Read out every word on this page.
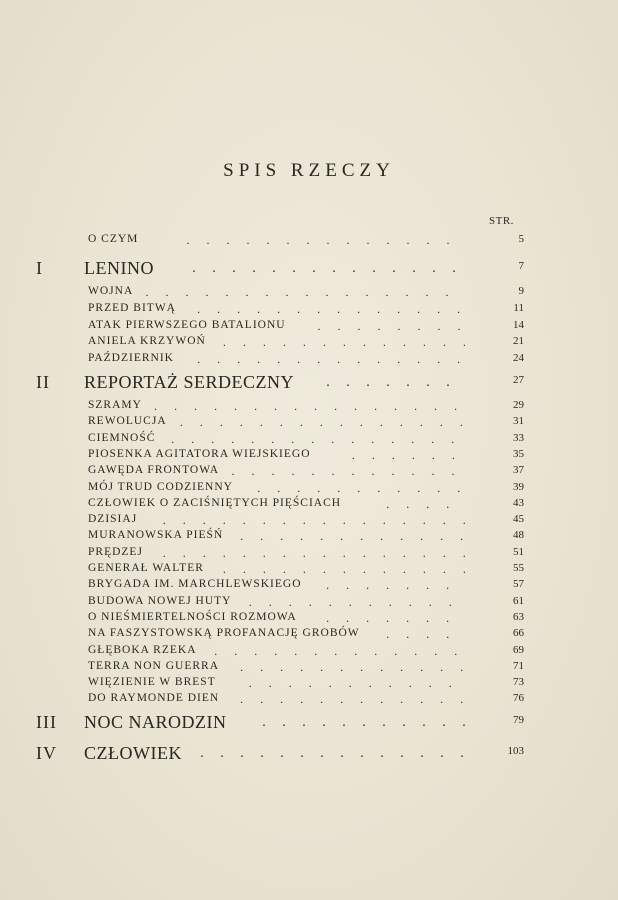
SPIS RZECZY
STR.
O CZYM	. . . . . . . . . . . . . .	5
I LENINO	. . . . . . . . . . . . . .	7
WOJNA	. . . . . . . . . . . . . . . .	9
PRZED BITWĄ	. . . . . . . . . . . . . .	11
ATAK PIERWSZEGO BATALIONU	. . . . . . . .	14
ANIELA KRZYWOŃ	. . . . . . . . . . . . .	21
PAŹDZIERNIK	. . . . . . . . . . . . . .	24
II REPORTAŻ SERDECZNY	. . . . . . .	27
SZRAMY	. . . . . . . . . . . . . . . .	29
REWOLUCJA	. . . . . . . . . . . . . . .	31
CIEMNOŚĆ	. . . . . . . . . . . . . . .	33
PIOSENKA AGITATORA WIEJSKIEGO	. . . . . .	35
GAWĘDA FRONTOWA	. . . . . . . . . . . .	37
MÓJ TRUD CODZIENNY	. . . . . . . . . . .	39
CZŁOWIEK O ZACIŚNIĘTYCH PIĘŚCIACH	. . . .	43
DZISIAJ	. . . . . . . . . . . . . . . .	45
MURANOWSKA PIEŚŃ	. . . . . . . . . . . .	48
PRĘDZEJ	. . . . . . . . . . . . . . . .	51
GENERAŁ WALTER	. . . . . . . . . . . . .	55
BRYGADA IM. MARCHLEWSKIEGO	. . . . . . .	57
BUDOWA NOWEJ HUTY	. . . . . . . . . . .	61
O NIEŚMIERTELNOŚCI ROZMOWA	. . . . . . .	63
NA FASZYSTOWSKĄ PROFANACJĘ GROBÓW	. . . .	66
GŁĘBOKA RZEKA	. . . . . . . . . . . . .	69
TERRA NON GUERRA	. . . . . . . . . . . .	71
WIĘZIENIE W BREST	. . . . . . . . . . .	73
DO RAYMONDE DIEN	. . . . . . . . . . . .	76
III NOC NARODZIN	. . . . . . . . . . .	79
IV CZŁOWIEK	. . . . . . . . . . . . . .	103
